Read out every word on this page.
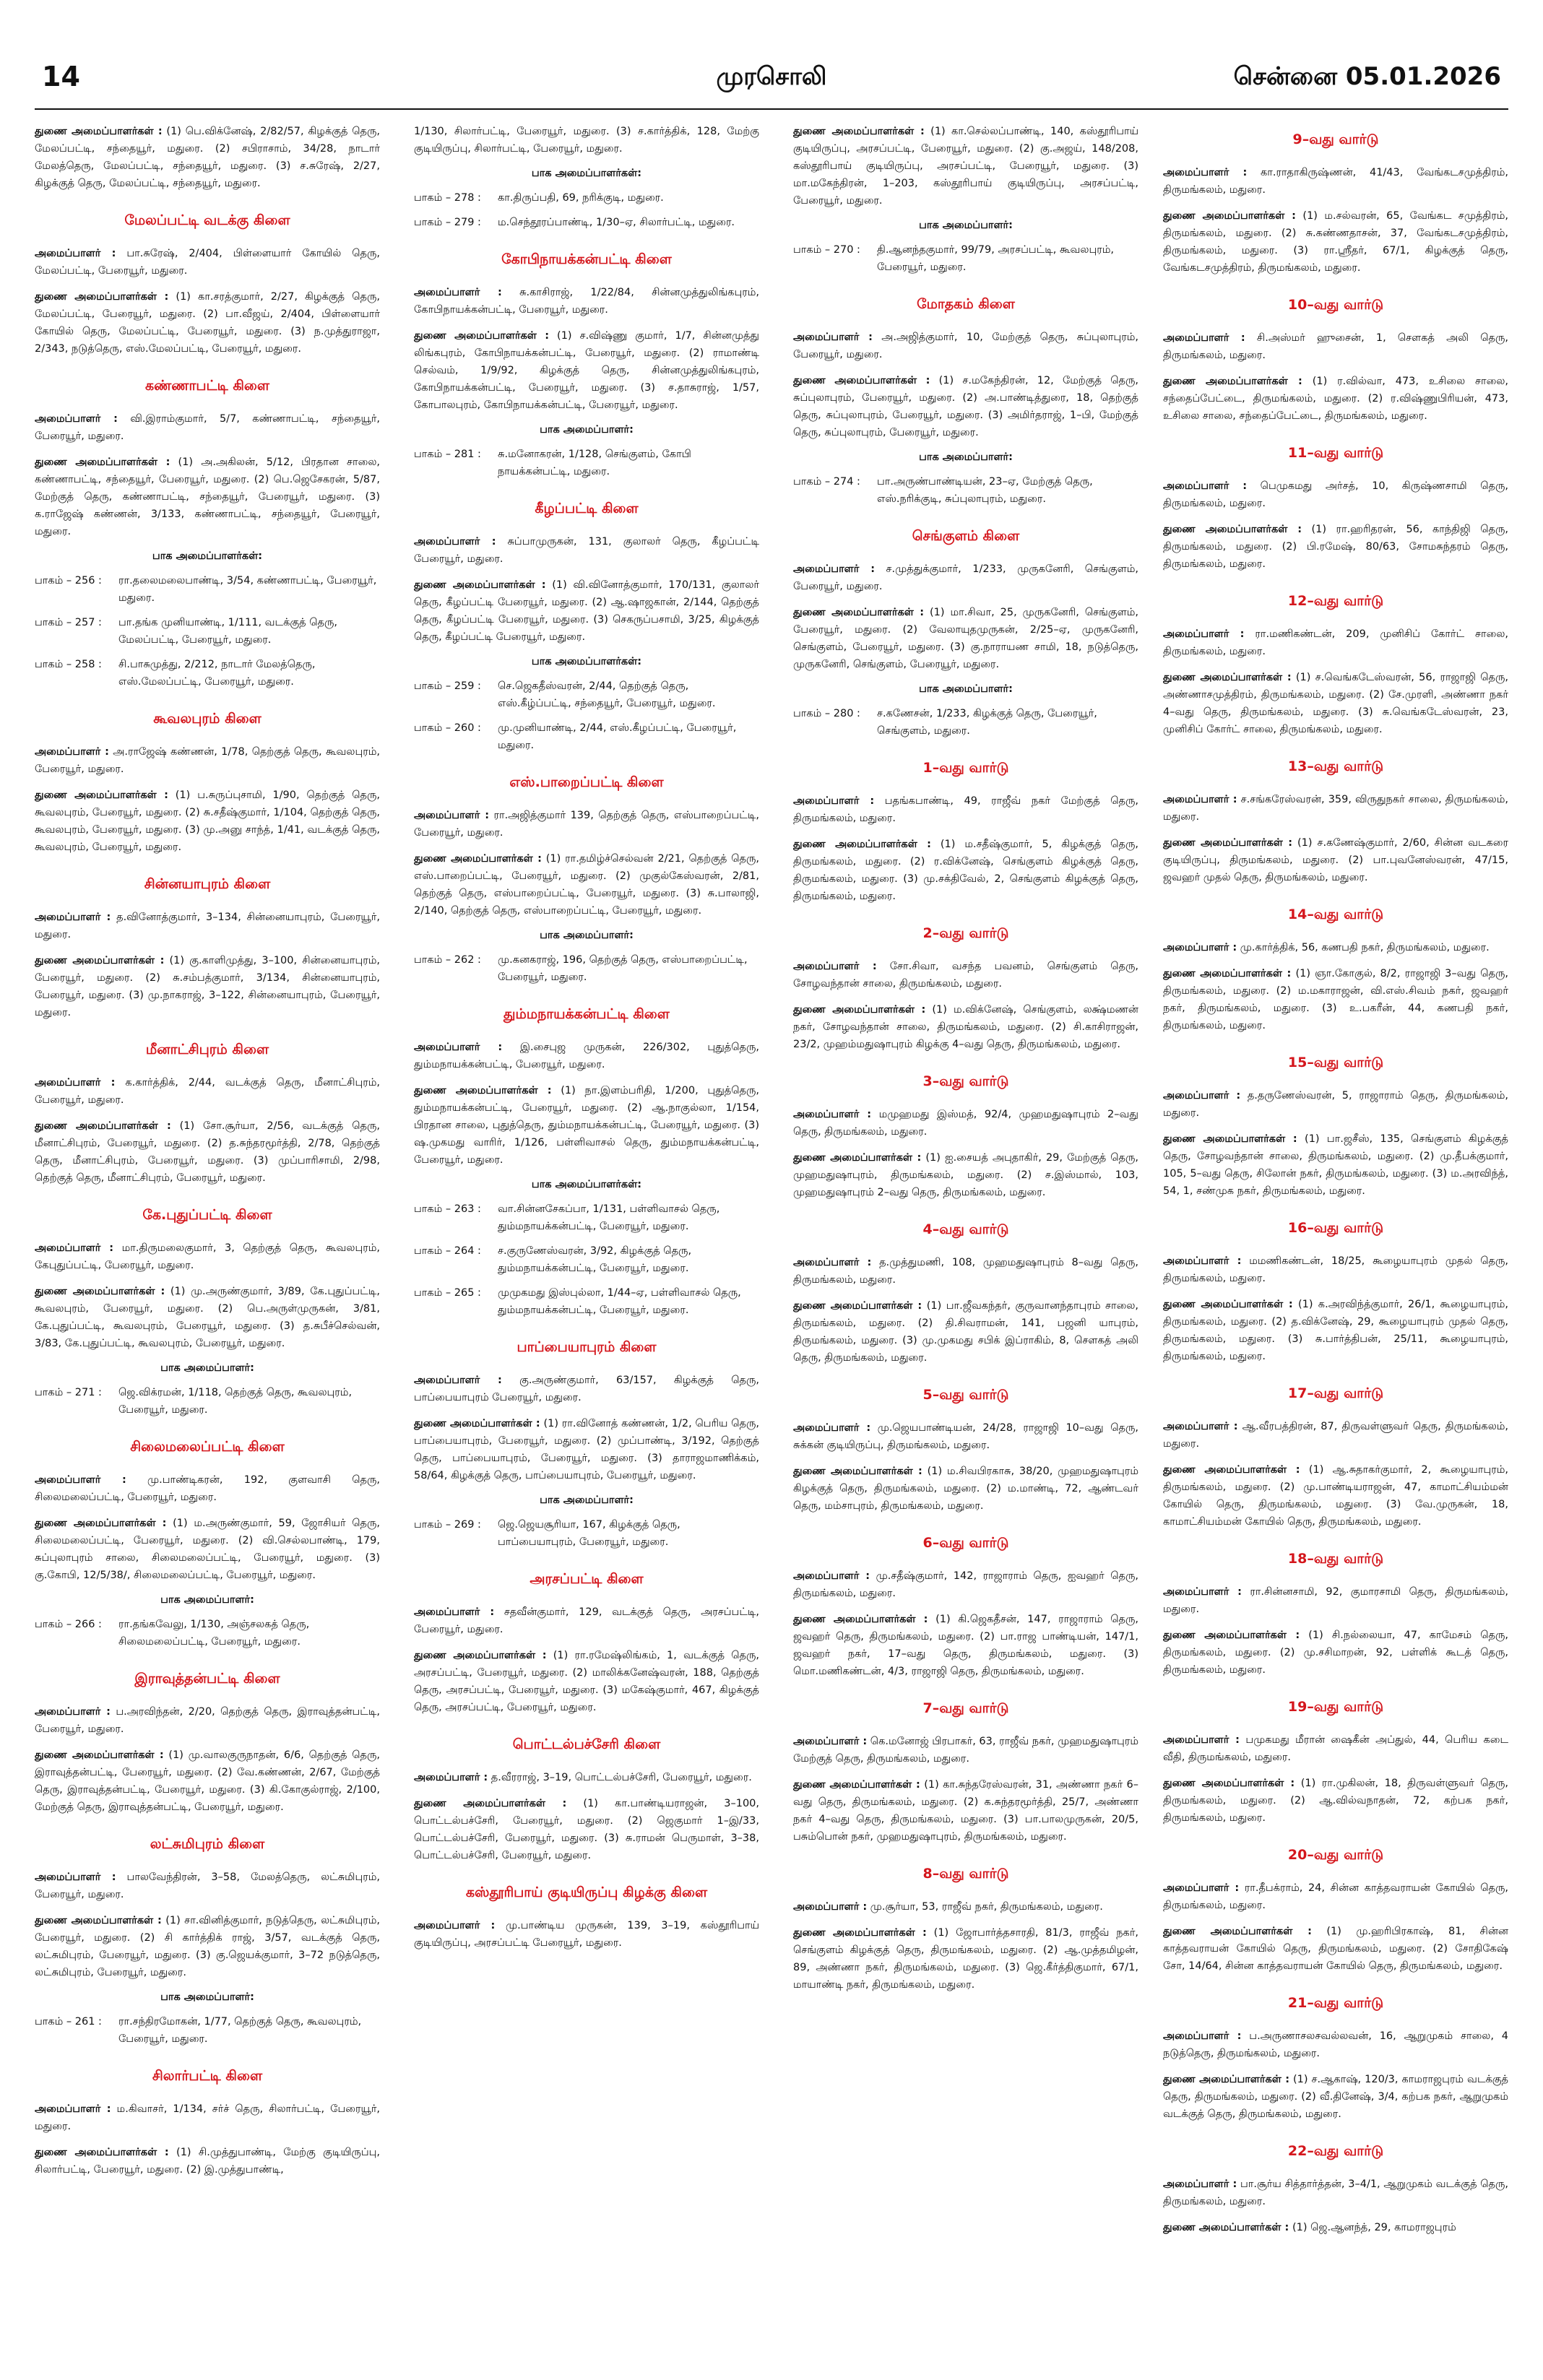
14	முரசொலி	சென்னை 05.01.2026
துணை அமைப்பாளர்கள் : (1) பெ.விக்னேஷ், 2/82/57, கிழக்குத் தெரு, மேலப்பட்டி, சந்தையூர், மதுரை. (2) சபிராசாம், 34/28, நாடார் மேலத்தெரு, மேலப்பட்டி, சந்தையூர், மதுரை. (3) ச.சுரேஷ், 2/27, கிழக்குத் தெரு, மேலப்பட்டி, சந்தையூர், மதுரை.
மேலப்பட்டி வடக்கு கிளை
அமைப்பாளர் : பா.சுரேஷ், 2/404, பிள்ளையார் கோயில் தெரு, மேலப்பட்டி, பேரையூர், மதுரை.
துணை அமைப்பாளர்கள் : (1) கா.சரத்குமார், 2/27, கிழக்குத் தெரு, மேலப்பட்டி, பேரையூர், மதுரை. (2) பா.வீஜய், 2/404, பிள்ளையார் கோயில் தெரு, மேலப்பட்டி, பேரையூர், மதுரை. (3) ந.முத்துராஜா, 2/343, நடுத்தெரு, எஸ்.மேலப்பட்டி, பேரையூர், மதுரை.
கண்ணாபட்டி கிளை
அமைப்பாளர் : வி.இராம்குமார், 5/7, கண்ணாபட்டி, சந்தையூர், பேரையூர், மதுரை.
துணை அமைப்பாளர்கள் : (1) அ.அகிலன், 5/12, பிரதான சாலை, கண்ணாபட்டி, சந்தையூர், பேரையூர், மதுரை. (2) பெ.ஜெசேகரன், 5/87, மேற்குத் தெரு, கண்ணாபட்டி, சந்தையூர், பேரையூர், மதுரை. (3) க.ராஜேஷ் கண்ணன், 3/133, கண்ணாபட்டி, சந்தையூர், பேரையூர், மதுரை.
பாக அமைப்பாளர்கள்:
பாகம் – 256 :	ரா.தலைமலைபாண்டி, 3/54, கண்ணாபட்டி, பேரையூர், மதுரை.
பாகம் – 257 :	பா.தங்க முனியாண்டி, 1/111, வடக்குத் தெரு, மேலப்பட்டி, பேரையூர், மதுரை.
பாகம் – 258 :	சி.பாசுமுத்து, 2/212, நாடார் மேலத்தெரு, எஸ்.மேலப்பட்டி, பேரையூர், மதுரை.
கூவலபுரம் கிளை
அமைப்பாளர் : அ.ராஜேஷ் கண்ணன், 1/78, தெற்குத் தெரு, கூவலபுரம், பேரையூர், மதுரை.
துணை அமைப்பாளர்கள் : (1) ப.சுருப்புசாமி, 1/90, தெற்குத் தெரு, கூவலபுரம், பேரையூர், மதுரை. (2) சு.சதீஷ்குமார், 1/104, தெற்குத் தெரு, கூவலபுரம், பேரையூர், மதுரை. (3) மு.அனு சாந்த், 1/41, வடக்குத் தெரு, கூவலபுரம், பேரையூர், மதுரை.
சின்னயாபுரம் கிளை
அமைப்பாளர் : த.வினோத்குமார், 3–134, சின்னையாபுரம், பேரையூர், மதுரை.
துணை அமைப்பாளர்கள் : (1) கு.காளிமுத்து, 3–100, சின்னையாபுரம், பேரையூர், மதுரை. (2) சு.சம்பத்குமார், 3/134, சின்னையாபுரம், பேரையூர், மதுரை. (3) மு.நாகராஜ், 3–122, சின்னையாபுரம், பேரையூர், மதுரை.
மீனாட்சிபுரம் கிளை
அமைப்பாளர் : க.கார்த்திக், 2/44, வடக்குத் தெரு, மீனாட்சிபுரம், பேரையூர், மதுரை.
துணை அமைப்பாளர்கள் : (1) சோ.சூர்யா, 2/56, வடக்குத் தெரு, மீனாட்சிபுரம், பேரையூர், மதுரை. (2) த.சுந்தரமூர்த்தி, 2/78, தெற்குத் தெரு, மீனாட்சிபுரம், பேரையூர், மதுரை. (3) முப்பாரிசாமி, 2/98, தெற்குத் தெரு, மீனாட்சிபுரம், பேரையூர், மதுரை.
கே.புதுப்பட்டி கிளை
அமைப்பாளர் : மா.திருமலைகுமார், 3, தெற்குத் தெரு, கூவலபுரம், கேபுதுப்பட்டி, பேரையூர், மதுரை.
துணை அமைப்பாளர்கள் : (1) மு.அருண்குமார், 3/89, கே.புதுப்பட்டி, கூவலபுரம், பேரையூர், மதுரை. (2) பெ.அருள்முருகன், 3/81, கே.புதுப்பட்டி, கூவலபுரம், பேரையூர், மதுரை. (3) த.சுபீச்செல்வன், 3/83, கே.புதுப்பட்டி, கூவலபுரம், பேரையூர், மதுரை.
பாக அமைப்பாளர்:
பாகம் – 271 :	ஜெ.விக்ரமன், 1/118, தெற்குத் தெரு, கூவலபுரம், பேரையூர், மதுரை.
சிலைமலைப்பட்டி கிளை
அமைப்பாளர் : மு.பாண்டிகரன், 192, குளவாசி தெரு, சிலைமலைப்பட்டி, பேரையூர், மதுரை.
துணை அமைப்பாளர்கள் : (1) ம.அருண்குமார், 59, ஜோசியர் தெரு, சிலைமலைப்பட்டி, பேரையூர், மதுரை. (2) வி.செல்லபாண்டி, 179, சுப்புலாபுரம் சாலை, சிலைமலைப்பட்டி, பேரையூர், மதுரை. (3) கு.கோபி, 12/5/38/, சிலைமலைப்பட்டி, பேரையூர், மதுரை.
பாக அமைப்பாளர்:
பாகம் – 266 :	ரா.தங்கவேலு, 1/130, அஞ்சலகத் தெரு, சிலைமலைப்பட்டி, பேரையூர், மதுரை.
இராவுத்தன்பட்டி கிளை
அமைப்பாளர் : ப.அரவிந்தன், 2/20, தெற்குத் தெரு, இராவுத்தன்பட்டி, பேரையூர், மதுரை.
துணை அமைப்பாளர்கள் : (1) மு.வாலகுருநாதன், 6/6, தெற்குத் தெரு, இராவுத்தன்பட்டி, பேரையூர், மதுரை. (2) வே.கண்ணன், 2/67, மேற்குத் தெரு, இராவுத்தன்பட்டி, பேரையூர், மதுரை. (3) கி.கோகுல்ராஜ், 2/100, மேற்குத் தெரு, இராவுத்தன்பட்டி, பேரையூர், மதுரை.
லட்சுமிபுரம் கிளை
அமைப்பாளர் : பாலவேந்திரன், 3–58, மேலத்தெரு, லட்சுமிபுரம், பேரையூர், மதுரை.
துணை அமைப்பாளர்கள் : (1) சா.வினித்குமார், நடுத்தெரு, லட்சுமிபுரம், பேரையூர், மதுரை. (2) சி கார்த்திக் ராஜ், 3/57, வடக்குத் தெரு, லட்சுமிபுரம், பேரையூர், மதுரை. (3) கு.ஜெயக்குமார், 3–72 நடுத்தெரு, லட்சுமிபுரம், பேரையூர், மதுரை.
பாக அமைப்பாளர்:
பாகம் – 261 :	ரா.சந்திரமோகன், 1/77, தெற்குத் தெரு, கூவலபுரம், பேரையூர், மதுரை.
சிலார்பட்டி கிளை
அமைப்பாளர் : ம.கிவாசர், 1/134, சர்ச் தெரு, சிலார்பட்டி, பேரையூர், மதுரை.
துணை அமைப்பாளர்கள் : (1) சி.முத்துபாண்டி, மேற்கு குடியிருப்பு, சிலார்பட்டி, பேரையூர், மதுரை. (2) இ.முத்துபாண்டி,
1/130, சிலார்பட்டி, பேரையூர், மதுரை. (3) ச.கார்த்திக், 128, மேற்கு குடியிருப்பு, சிலார்பட்டி, பேரையூர், மதுரை.
பாக அமைப்பாளர்கள்:
பாகம் – 278 :	கா.திருப்பதி, 69, நரிக்குடி, மதுரை.
பாகம் – 279 :	ம.செந்தூரப்பாண்டி, 1/30–ஏ, சிலார்பட்டி, மதுரை.
கோபிநாயக்கன்பட்டி கிளை
அமைப்பாளர் : சு.காசிராஜ், 1/22/84, சின்னமுத்துலிங்கபுரம், கோபிநாயக்கன்பட்டி, பேரையூர், மதுரை.
துணை அமைப்பாளர்கள் : (1) ச.விஷ்ணு குமார், 1/7, சின்னமுத்து லிங்கபுரம், கோபிநாயக்கன்பட்டி, பேரையூர், மதுரை. (2) ராமாண்டி செல்வம், 1/9/92, கிழக்குத் தெரு, சின்னமுத்துலிங்கபுரம், கோபிநாயக்கன்பட்டி, பேரையூர், மதுரை. (3) ச.தாசுராஜ், 1/57, கோபாலபுரம், கோபிநாயக்கன்பட்டி, பேரையூர், மதுரை.
பாக அமைப்பாளர்:
பாகம் – 281 :	சு.மனோகரன், 1/128, செங்குளம், கோபி நாயக்கன்பட்டி, மதுரை.
கீழப்பட்டி கிளை
அமைப்பாளர் : சுப்பாமுருகன், 131, குலாலர் தெரு, கீழப்பட்டி பேரையூர், மதுரை.
துணை அமைப்பாளர்கள் : (1) வி.வினோத்குமார், 170/131, குலாலர் தெரு, கீழப்பட்டி பேரையூர், மதுரை. (2) ஆ.ஷாஜகான், 2/144, தெற்குத் தெரு, கீழப்பட்டி பேரையூர், மதுரை. (3) செகருப்பசாமி, 3/25, கிழக்குத் தெரு, கீழப்பட்டி பேரையூர், மதுரை.
பாக அமைப்பாளர்கள்:
பாகம் – 259 :	செ.ஜெகதீஸ்வரன், 2/44, தெற்குத் தெரு, எஸ்.கீழ்ப்பட்டி, சந்தையூர், பேரையூர், மதுரை.
பாகம் – 260 :	மு.முனியாண்டி, 2/44, எஸ்.கீழப்பட்டி, பேரையூர், மதுரை.
எஸ்.பாறைப்பட்டி கிளை
அமைப்பாளர் : ரா.அஜித்குமார் 139, தெற்குத் தெரு, எஸ்பாறைப்பட்டி, பேரையூர், மதுரை.
துணை அமைப்பாளர்கள் : (1) ரா.தமிழ்ச்செல்வன் 2/21, தெற்குத் தெரு, எஸ்.பாறைப்பட்டி, பேரையூர், மதுரை. (2) முகுல்கேஸ்வரன், 2/81, தெற்குத் தெரு, எஸ்பாறைப்பட்டி, பேரையூர், மதுரை. (3) சு.பாலாஜி, 2/140, தெற்குத் தெரு, எஸ்பாறைப்பட்டி, பேரையூர், மதுரை.
பாக அமைப்பாளர்:
பாகம் – 262 :	மு.கனகராஜ், 196, தெற்குத் தெரு, எஸ்பாறைப்பட்டி, பேரையூர், மதுரை.
தும்மநாயக்கன்பட்டி கிளை
அமைப்பாளர் : இ.சைபுஜ முருகன், 226/302, புதுத்தெரு, தும்மநாயக்கன்பட்டி, பேரையூர், மதுரை.
துணை அமைப்பாளர்கள் : (1) நா.இளம்பரிதி, 1/200, புதுத்தெரு, தும்மநாயக்கன்பட்டி, பேரையூர், மதுரை. (2) ஆ.நாகுல்லா, 1/154, பிரதான சாலை, புதுத்தெரு, தும்மநாயக்கன்பட்டி, பேரையூர், மதுரை. (3) ஷ.முகமது வாரிர், 1/126, பள்ளிவாசல் தெரு, தும்மநாயக்கன்பட்டி, பேரையூர், மதுரை.
பாக அமைப்பாளர்கள்:
பாகம் – 263 :	வா.சின்னசேகப்பா, 1/131, பள்ளிவாசல் தெரு, தும்மநாயக்கன்பட்டி, பேரையூர், மதுரை.
பாகம் – 264 :	ச.குருணேஸ்வரன், 3/92, கிழக்குத் தெரு, தும்மநாயக்கன்பட்டி, பேரையூர், மதுரை.
பாகம் – 265 :	முமுகமது இஸ்புல்லா, 1/44–ஏ, பள்ளிவாசல் தெரு, தும்மநாயக்கன்பட்டி, பேரையூர், மதுரை.
பாப்பையாபுரம் கிளை
அமைப்பாளர் : கு.அருண்குமார், 63/157, கிழக்குத் தெரு, பாப்பையாபுரம் பேரையூர், மதுரை.
துணை அமைப்பாளர்கள் : (1) ரா.வினோத் கண்ணன், 1/2, பெரிய தெரு, பாப்பையாபுரம், பேரையூர், மதுரை. (2) முப்பாண்டி, 3/192, தெற்குத் தெரு, பாப்பையாபுரம், பேரையூர், மதுரை. (3) தாராஜமாணிக்கம், 58/64, கிழக்குத் தெரு, பாப்பையாபுரம், பேரையூர், மதுரை.
பாக அமைப்பாளர்:
பாகம் – 269 :	ஜெ.ஜெயசூரியா, 167, கிழக்குத் தெரு, பாப்பையாபுரம், பேரையூர், மதுரை.
அரசப்பட்டி கிளை
அமைப்பாளர் : சதவீன்குமார், 129, வடக்குத் தெரு, அரசப்பட்டி, பேரையூர், மதுரை.
துணை அமைப்பாளர்கள் : (1) ரா.ரமேஷ்லிங்கம், 1, வடக்குத் தெரு, அரசப்பட்டி, பேரையூர், மதுரை. (2) மாலிக்கனேஷ்வரன், 188, தெற்குத் தெரு, அரசப்பட்டி, பேரையூர், மதுரை. (3) மகேஷ்குமார், 467, கிழக்குத் தெரு, அரசப்பட்டி, பேரையூர், மதுரை.
பொட்டல்பச்சேரி கிளை
அமைப்பாளர் : த.வீரராஜ், 3–19, பொட்டல்பச்சேரி, பேரையூர், மதுரை.
துணை அமைப்பாளர்கள் : (1) கா.பாண்டியராஜன், 3–100, பொட்டல்பச்சேரி, பேரையூர், மதுரை. (2) ஜெகுமார் 1–இ/33, பொட்டல்பச்சேரி, பேரையூர், மதுரை. (3) சு.ராமன் பெருமாள், 3–38, பொட்டல்பச்சேரி, பேரையூர், மதுரை.
கஸ்தூரிபாய் குடியிருப்பு கிழக்கு கிளை
அமைப்பாளர் : மு.பாண்டிய முருகன், 139, 3–19, கஸ்தூரிபாய் குடியிருப்பு, அரசப்பட்டி பேரையூர், மதுரை.
துணை அமைப்பாளர்கள் : (1) கா.செல்லப்பாண்டி, 140, கஸ்தூரிபாய் குடியிருப்பு, அரசப்பட்டி, பேரையூர், மதுரை. (2) கு.அஜய், 148/208, கஸ்தூரிபாய் குடியிருப்பு, அரசப்பட்டி, பேரையூர், மதுரை. (3) மா.மகேந்திரன், 1–203, கஸ்தூரிபாய் குடியிருப்பு, அரசப்பட்டி, பேரையூர், மதுரை.
பாக அமைப்பாளர்:
பாகம் – 270 :	தி.ஆனந்தகுமார், 99/79, அரசப்பட்டி, கூவலபுரம், பேரையூர், மதுரை.
மோதகம் கிளை
அமைப்பாளர் : அ.அஜித்குமார், 10, மேற்குத் தெரு, சுப்புலாபுரம், பேரையூர், மதுரை.
துணை அமைப்பாளர்கள் : (1) ச.மகேந்திரன், 12, மேற்குத் தெரு, சுப்புலாபுரம், பேரையூர், மதுரை. (2) அ.பாண்டித்துரை, 18, தெற்குத் தெரு, சுப்புலாபுரம், பேரையூர், மதுரை. (3) அமிர்தராஜ், 1–பி, மேற்குத் தெரு, சுப்புலாபுரம், பேரையூர், மதுரை.
பாக அமைப்பாளர்:
பாகம் – 274 :	பா.அருண்பாண்டியன், 23–ஏ, மேற்குத் தெரு, எஸ்.நரிக்குடி, சுப்புலாபுரம், மதுரை.
செங்குளம் கிளை
அமைப்பாளர் : ச.முத்துக்குமார், 1/233, முருகனேரி, செங்குளம், பேரையூர், மதுரை.
துணை அமைப்பாளர்கள் : (1) மா.சிவா, 25, முருகனேரி, செங்குளம், பேரையூர், மதுரை. (2) வேலாயுதமுருகன், 2/25–ஏ, முருகனேரி, செங்குளம், பேரையூர், மதுரை. (3) கு.நாராயண சாமி, 18, நடுத்தெரு, முருகனேரி, செங்குளம், பேரையூர், மதுரை.
பாக அமைப்பாளர்:
பாகம் – 280 :	ச.கணேசன், 1/233, கிழக்குத் தெரு, பேரையூர், செங்குளம், மதுரை.
1–வது வார்டு
அமைப்பாளர் : பதங்கபாண்டி, 49, ராஜீவ் நகர் மேற்குத் தெரு, திருமங்கலம், மதுரை.
துணை அமைப்பாளர்கள் : (1) ம.சதீஷ்குமார், 5, கிழக்குத் தெரு, திருமங்கலம், மதுரை. (2) ர.விக்னேஷ், செங்குளம் கிழக்குத் தெரு, திருமங்கலம், மதுரை. (3) மு.சக்திவேல், 2, செங்குளம் கிழக்குத் தெரு, திருமங்கலம், மதுரை.
2–வது வார்டு
அமைப்பாளர் : சோ.சிவா, வசந்த பவனம், செங்குளம் தெரு, சோழவந்தான் சாலை, திருமங்கலம், மதுரை.
துணை அமைப்பாளர்கள் : (1) ம.விக்னேஷ், செங்குளம், லக்ஷ்மணன் நகர், சோழவந்தான் சாலை, திருமங்கலம், மதுரை. (2) சி.காசிராஜன், 23/2, முஹம்மதுஷாபுரம் கிழக்கு 4–வது தெரு, திருமங்கலம், மதுரை.
3–வது வார்டு
அமைப்பாளர் : மமுஹமது இஸ்மத், 92/4, முஹமதுஷாபுரம் 2–வது தெரு, திருமங்கலம், மதுரை.
துணை அமைப்பாளர்கள் : (1) ஐ.சையத் அபுதாகிர், 29, மேற்குத் தெரு, முஹமதுஷாபுரம், திருமங்கலம், மதுரை. (2) ச.இஸ்மால், 103, முஹமதுஷாபுரம் 2–வது தெரு, திருமங்கலம், மதுரை.
4–வது வார்டு
அமைப்பாளர் : த.முத்துமணி, 108, முஹமதுஷாபுரம் 8–வது தெரு, திருமங்கலம், மதுரை.
துணை அமைப்பாளர்கள் : (1) பா.ஜீவகந்தர், குருவானந்தாபுரம் சாலை, திருமங்கலம், மதுரை. (2) தி.சிவராமன், 141, பஜனி யாபுரம், திருமங்கலம், மதுரை. (3) மு.முகமது சபிக் இப்ராகிம், 8, செளகத் அலி தெரு, திருமங்கலம், மதுரை.
5–வது வார்டு
அமைப்பாளர் : மு.ஜெயபாண்டியன், 24/28, ராஜாஜி 10–வது தெரு, சுக்கன் குடியிருப்பு, திருமங்கலம், மதுரை.
துணை அமைப்பாளர்கள் : (1) ம.சிவபிரகாசு, 38/20, முஹமதுஷாபுரம் கிழக்குத் தெரு, திருமங்கலம், மதுரை. (2) ம.மாண்டி, 72, ஆண்டவர் தெரு, மம்சாபுரம், திருமங்கலம், மதுரை.
6–வது வார்டு
அமைப்பாளர் : மு.சதீஷ்குமார், 142, ராஜாராம் தெரு, ஐவஹர் தெரு, திருமங்கலம், மதுரை.
துணை அமைப்பாளர்கள் : (1) கி.ஜெகதீசன், 147, ராஜாராம் தெரு, ஜவஹர் தெரு, திருமங்கலம், மதுரை. (2) பா.ராஜ பாண்டியன், 147/1, ஜவஹர் நகர், 17–வது தெரு, திருமங்கலம், மதுரை. (3) மொ.மணிகண்டன், 4/3, ராஜாஜி தெரு, திருமங்கலம், மதுரை.
7–வது வார்டு
அமைப்பாளர் : கெ.மனோஜ் பிரபாகர், 63, ராஜீவ் நகர், முஹமதுஷாபுரம் மேற்குத் தெரு, திருமங்கலம், மதுரை.
துணை அமைப்பாளர்கள் : (1) கா.சுந்தரேஸ்வரன், 31, அண்ணா நகர் 6–வது தெரு, திருமங்கலம், மதுரை. (2) க.சுந்தரமூர்த்தி, 25/7, அண்ணா நகர் 4–வது தெரு, திருமங்கலம், மதுரை. (3) பா.பாலமுருகன், 20/5, பசும்பொன் நகர், முஹமதுஷாபுரம், திருமங்கலம், மதுரை.
8–வது வார்டு
அமைப்பாளர் : மு.சூர்யா, 53, ராஜீவ் நகர், திருமங்கலம், மதுரை.
துணை அமைப்பாளர்கள் : (1) ஜோபார்த்தசாரதி, 81/3, ராஜீவ் நகர், செங்குளம் கிழக்குத் தெரு, திருமங்கலம், மதுரை. (2) ஆ.முத்தமிழன், 89, அண்ணா நகர், திருமங்கலம், மதுரை. (3) ஜெ.கீர்த்திகுமார், 67/1, மாயாண்டி நகர், திருமங்கலம், மதுரை.
9–வது வார்டு
அமைப்பாளர் : கா.ராதாகிருஷ்ணன், 41/43, வேங்கடசமுத்திரம், திருமங்கலம், மதுரை.
துணை அமைப்பாளர்கள் : (1) ம.சல்வரன், 65, வேங்கட சமுத்திரம், திருமங்கலம், மதுரை. (2) சு.கண்ணதாசன், 37, வேங்கடசமுத்திரம், திருமங்கலம், மதுரை. (3) ரா.ஸ்ரீதர், 67/1, கிழக்குத் தெரு, வேங்கடசமுத்திரம், திருமங்கலம், மதுரை.
10–வது வார்டு
அமைப்பாளர் : சி.அஸ்மர் ஹுசைன், 1, செளகத் அலி தெரு, திருமங்கலம், மதுரை.
துணை அமைப்பாளர்கள் : (1) ர.வில்வா, 473, உசிலை சாலை, சந்தைப்பேட்டை, திருமங்கலம், மதுரை. (2) ர.விஷ்ணுபிரியன், 473, உசிலை சாலை, சந்தைப்பேட்டை, திருமங்கலம், மதுரை.
11–வது வார்டு
அமைப்பாளர் : பெமுகமது அர்சத், 10, கிருஷ்ணசாமி தெரு, திருமங்கலம், மதுரை.
துணை அமைப்பாளர்கள் : (1) ரா.ஹரிதரன், 56, காந்திஜி தெரு, திருமங்கலம், மதுரை. (2) பி.ரமேஷ், 80/63, சோமசுந்தரம் தெரு, திருமங்கலம், மதுரை.
12–வது வார்டு
அமைப்பாளர் : ரா.மணிகண்டன், 209, முனிசிப் கோர்ட் சாலை, திருமங்கலம், மதுரை.
துணை அமைப்பாளர்கள் : (1) ச.வெங்கடேஸ்வரன், 56, ராஜாஜி தெரு, அண்ணாசமுத்திரம், திருமங்கலம், மதுரை. (2) சே.முரளி, அண்ணா நகர் 4–வது தெரு, திருமங்கலம், மதுரை. (3) சு.வெங்கடேஸ்வரன், 23, முனிசிப் கோர்ட் சாலை, திருமங்கலம், மதுரை.
13–வது வார்டு
அமைப்பாளர் : ச.சங்கரேஸ்வரன், 359, விருதுநகர் சாலை, திருமங்கலம், மதுரை.
துணை அமைப்பாளர்கள் : (1) ச.கணேஷ்குமார், 2/60, சின்ன வடகரை குடியிருப்பு, திருமங்கலம், மதுரை. (2) பா.புவனேஸ்வரன், 47/15, ஜவஹர் முதல் தெரு, திருமங்கலம், மதுரை.
14–வது வார்டு
அமைப்பாளர் : மு.கார்த்திக், 56, கணபதி நகர், திருமங்கலம், மதுரை.
துணை அமைப்பாளர்கள் : (1) ஞா.கோகுல், 8/2, ராஜாஜி 3–வது தெரு, திருமங்கலம், மதுரை. (2) ம.மகாராஜன், வி.எஸ்.சிவம் நகர், ஜவஹர் நகர், திருமங்கலம், மதுரை. (3) உ.பகரீன், 44, கணபதி நகர், திருமங்கலம், மதுரை.
15–வது வார்டு
அமைப்பாளர் : த.தருணேஸ்வரன், 5, ராஜாராம் தெரு, திருமங்கலம், மதுரை.
துணை அமைப்பாளர்கள் : (1) பா.ஜசீஸ், 135, செங்குளம் கிழக்குத் தெரு, சோழவந்தான் சாலை, திருமங்கலம், மதுரை. (2) மு.தீபக்குமார், 105, 5–வது தெரு, சிலோன் நகர், திருமங்கலம், மதுரை. (3) ம.அரவிந்த், 54, 1, சண்முக நகர், திருமங்கலம், மதுரை.
16–வது வார்டு
அமைப்பாளர் : மமணிகண்டன், 18/25, கூழையாபுரம் முதல் தெரு, திருமங்கலம், மதுரை.
துணை அமைப்பாளர்கள் : (1) க.அரவிந்த்குமார், 26/1, கூழையாபுரம், திருமங்கலம், மதுரை. (2) த.விக்னேஷ், 29, கூழையாபுரம் முதல் தெரு, திருமங்கலம், மதுரை. (3) சு.பார்த்திபன், 25/11, கூழையாபுரம், திருமங்கலம், மதுரை.
17–வது வார்டு
அமைப்பாளர் : ஆ.வீரபத்திரன், 87, திருவள்ளுவர் தெரு, திருமங்கலம், மதுரை.
துணை அமைப்பாளர்கள் : (1) ஆ.சுதாகர்குமார், 2, கூழையாபுரம், திருமங்கலம், மதுரை. (2) மு.பாண்டியராஜன், 47, காமாட்சியம்மன் கோயில் தெரு, திருமங்கலம், மதுரை. (3) வே.முருகன், 18, காமாட்சியம்மன் கோயில் தெரு, திருமங்கலம், மதுரை.
18–வது வார்டு
அமைப்பாளர் : ரா.சின்னசாமி, 92, குமாரசாமி தெரு, திருமங்கலம், மதுரை.
துணை அமைப்பாளர்கள் : (1) சி.நல்லையா, 47, காமேசம் தெரு, திருமங்கலம், மதுரை. (2) மு.சசிமாறன், 92, பள்ளிக் கூடத் தெரு, திருமங்கலம், மதுரை.
19–வது வார்டு
அமைப்பாளர் : பமுகமது மீரான் ஷைகீன் அப்துல், 44, பெரிய கடை வீதி, திருமங்கலம், மதுரை.
துணை அமைப்பாளர்கள் : (1) ரா.முகிலன், 18, திருவள்ளுவர் தெரு, திருமங்கலம், மதுரை. (2) ஆ.வில்வநாதன், 72, கற்பக நகர், திருமங்கலம், மதுரை.
20–வது வார்டு
அமைப்பாளர் : ரா.தீபக்ராம், 24, சின்ன காத்தவராயன் கோயில் தெரு, திருமங்கலம், மதுரை.
துணை அமைப்பாளர்கள் : (1) மு.ஹரிபிரகாஷ், 81, சின்ன காத்தவராயன் கோயில் தெரு, திருமங்கலம், மதுரை. (2) சோதிகேஷ் சோ, 14/64, சின்ன காத்தவராயன் கோயில் தெரு, திருமங்கலம், மதுரை.
21–வது வார்டு
அமைப்பாளர் : ப.அருணாசலசவல்லவன், 16, ஆறுமுகம் சாலை, 4 நடுத்தெரு, திருமங்கலம், மதுரை.
துணை அமைப்பாளர்கள் : (1) ச.ஆகாஷ், 120/3, காமராஜபுரம் வடக்குத் தெரு, திருமங்கலம், மதுரை. (2) வீ.தினேஷ், 3/4, கற்பக நகர், ஆறுமுகம் வடக்குத் தெரு, திருமங்கலம், மதுரை.
22–வது வார்டு
அமைப்பாளர் : பா.சூர்ய சித்தார்த்தன், 3–4/1, ஆறுமுகம் வடக்குத் தெரு, திருமங்கலம், மதுரை.
துணை அமைப்பாளர்கள் : (1) ஜெ.ஆனந்த், 29, காமராஜபுரம்
